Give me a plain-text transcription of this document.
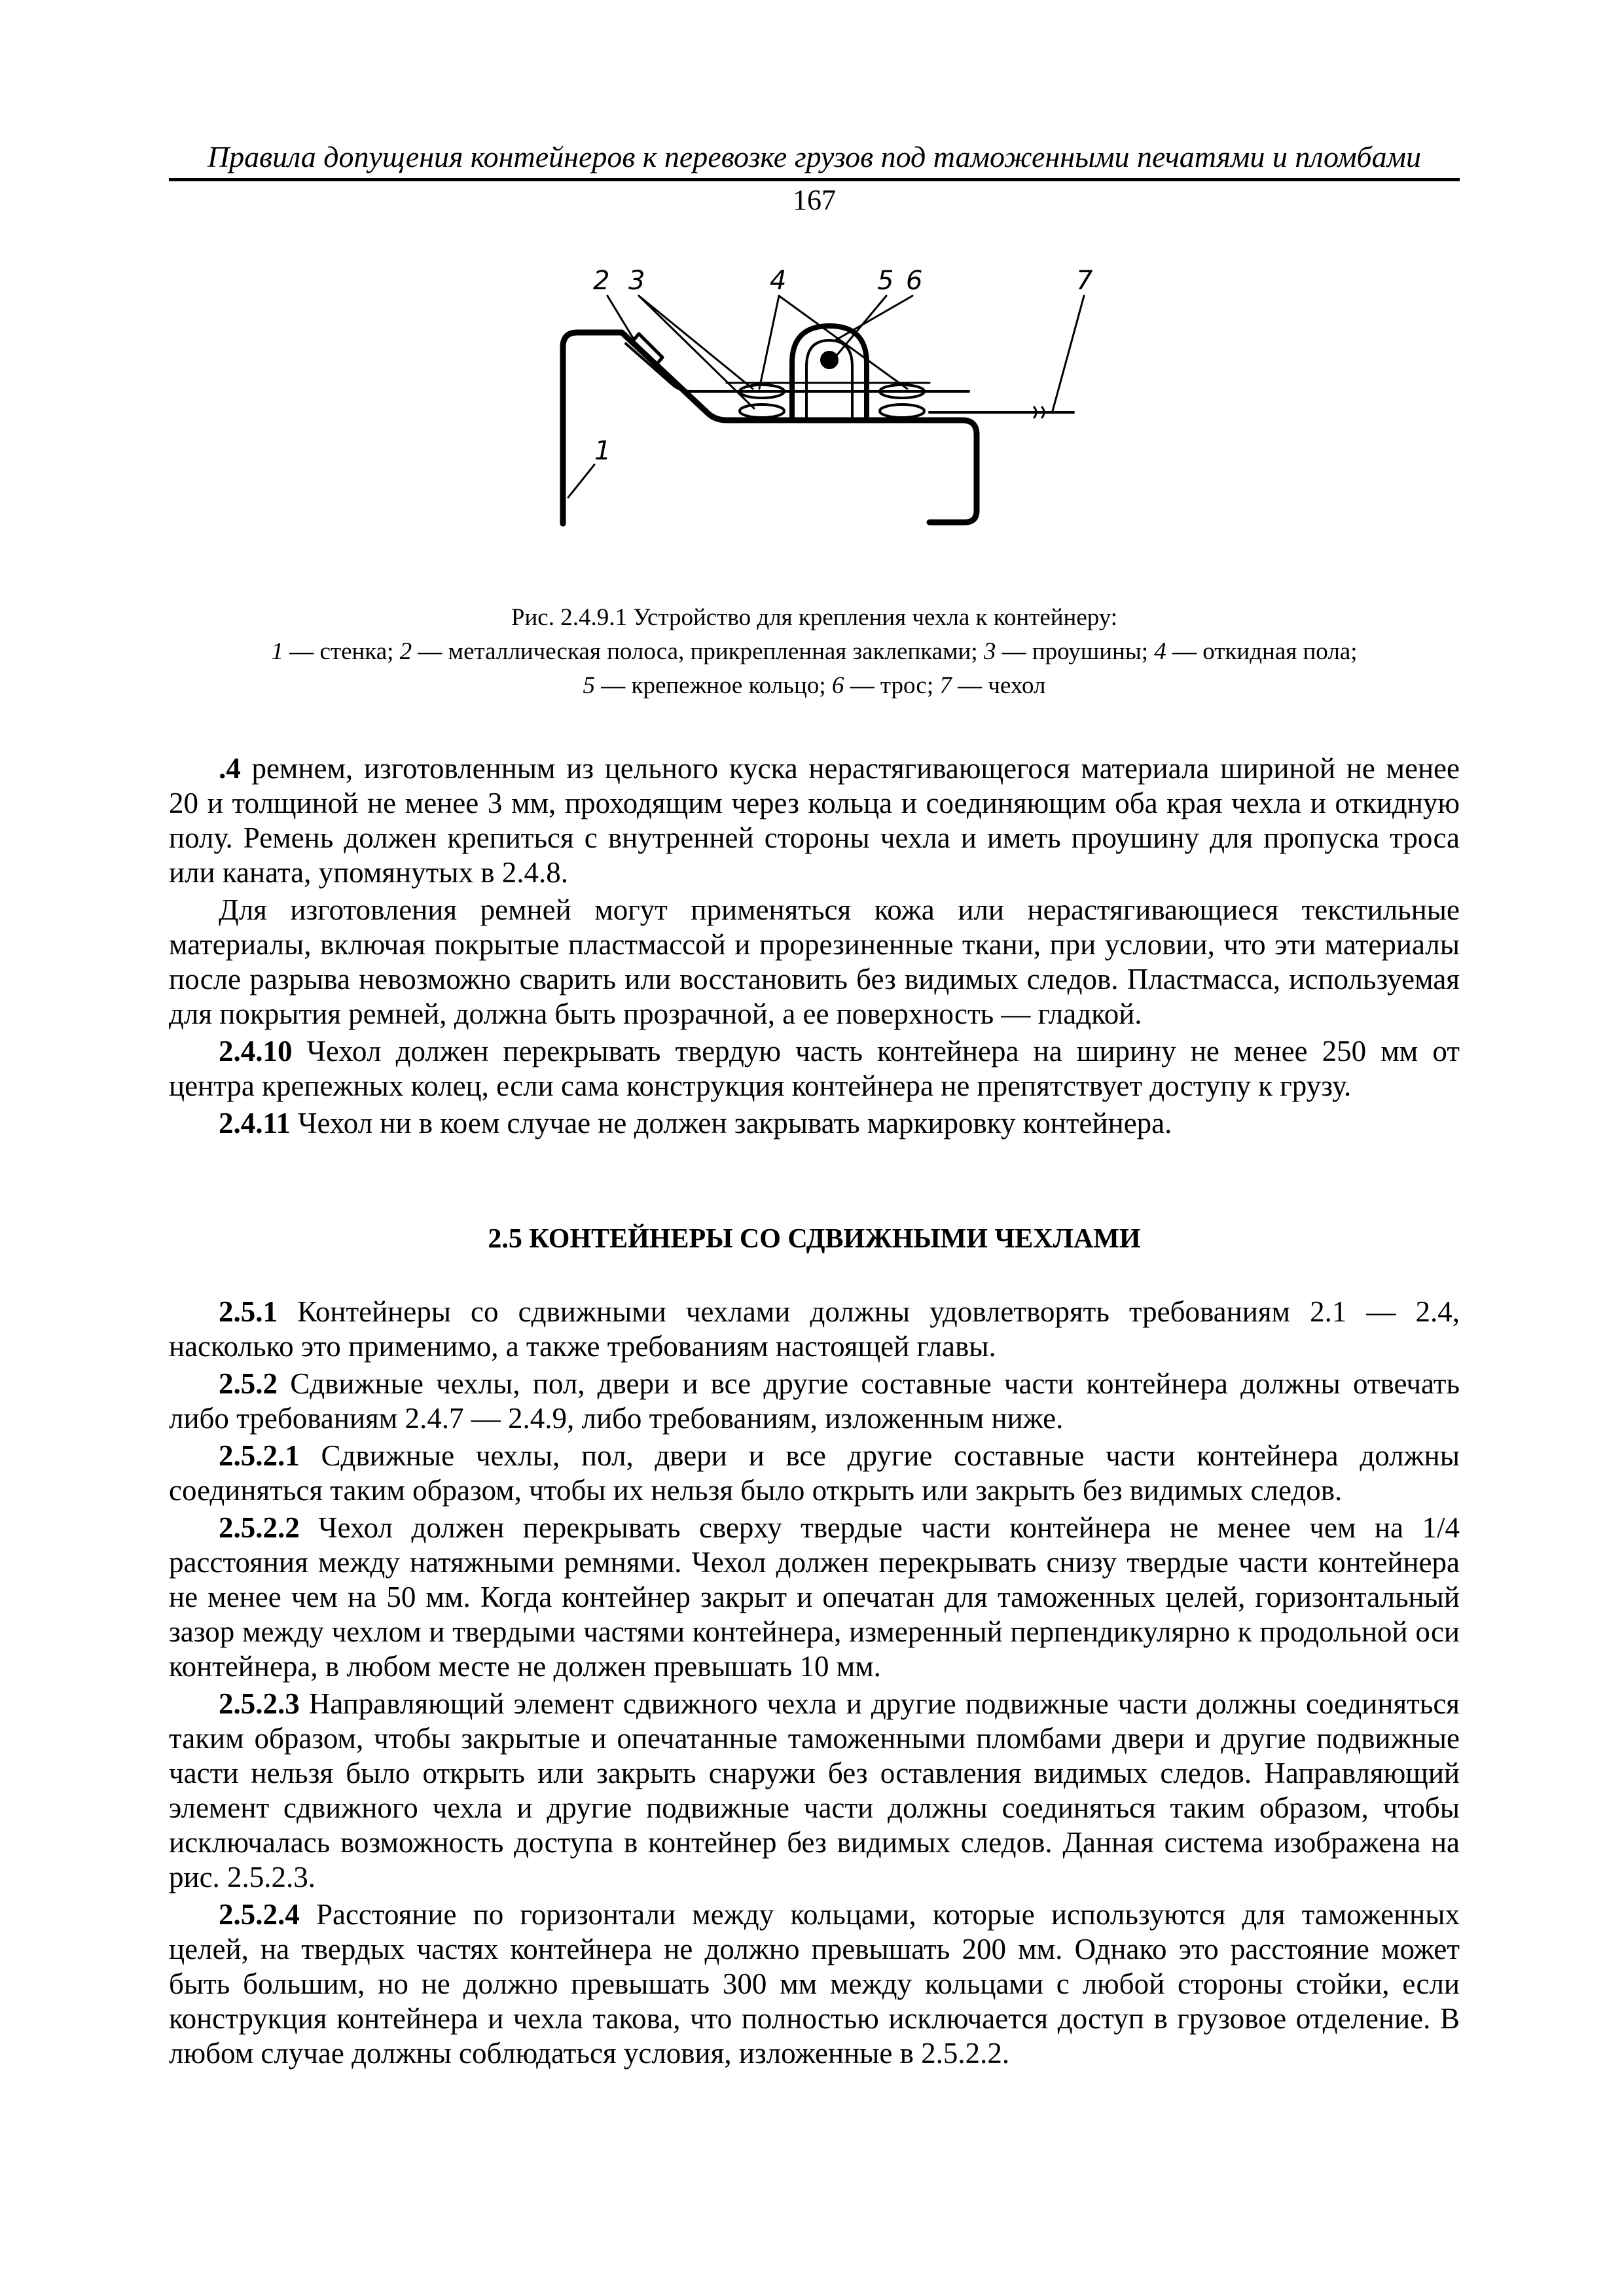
Правила допущения контейнеров к перевозке грузов под таможенными печатями и пломбами
167
2 3	4	5 6	7
1
Рис. 2.4.9.1 Устройство для крепления чехла к контейнеру:
1 — стенка; 2 — металлическая полоса, прикрепленная заклепками; 3 — проушины; 4 — откидная пола;
5 — крепежное кольцо; 6 — трос; 7 — чехол

.4 ремнем, изготовленным из цельного куска нерастягивающегося материала шириной не менее 20 и толщиной не менее 3 мм, проходящим через кольца и соединяющим оба края чехла и откидную полу. Ремень должен крепиться с внутренней стороны чехла и иметь проушину для пропуска троса или каната, упомянутых в 2.4.8.

Для изготовления ремней могут применяться кожа или нерастягивающиеся текстильные материалы, включая покрытые пластмассой и прорезиненные ткани, при условии, что эти материалы после разрыва невозможно сварить или восстановить без видимых следов. Пластмасса, используемая для покрытия ремней, должна быть прозрачной, а ее поверхность — гладкой.

2.4.10 Чехол должен перекрывать твердую часть контейнера на ширину не менее 250 мм от центра крепежных колец, если сама конструкция контейнера не препятствует доступу к грузу.

2.4.11 Чехол ни в коем случае не должен закрывать маркировку контейнера.

2.5 КОНТЕЙНЕРЫ СО СДВИЖНЫМИ ЧЕХЛАМИ

2.5.1 Контейнеры со сдвижными чехлами должны удовлетворять требованиям 2.1 — 2.4, насколько это применимо, а также требованиям настоящей главы.

2.5.2 Сдвижные чехлы, пол, двери и все другие составные части контейнера должны отвечать либо требованиям 2.4.7 — 2.4.9, либо требованиям, изложенным ниже.

2.5.2.1 Сдвижные чехлы, пол, двери и все другие составные части контейнера должны соединяться таким образом, чтобы их нельзя было открыть или закрыть без видимых следов.

2.5.2.2 Чехол должен перекрывать сверху твердые части контейнера не менее чем на 1/4 расстояния между натяжными ремнями. Чехол должен перекрывать снизу твердые части контейнера не менее чем на 50 мм. Когда контейнер закрыт и опечатан для таможенных целей, горизонтальный зазор между чехлом и твердыми частями контейнера, измеренный перпендикулярно к продольной оси контейнера, в любом месте не должен превышать 10 мм.

2.5.2.3 Направляющий элемент сдвижного чехла и другие подвижные части должны соединяться таким образом, чтобы закрытые и опечатанные таможенными пломбами двери и другие подвижные части нельзя было открыть или закрыть снаружи без оставления видимых следов. Направляющий элемент сдвижного чехла и другие подвижные части должны соединяться таким образом, чтобы исключалась возможность доступа в контейнер без видимых следов. Данная система изображена на рис. 2.5.2.3.

2.5.2.4 Расстояние по горизонтали между кольцами, которые используются для таможенных целей, на твердых частях контейнера не должно превышать 200 мм. Однако это расстояние может быть большим, но не должно превышать 300 мм между кольцами с любой стороны стойки, если конструкция контейнера и чехла такова, что полностью исключается доступ в грузовое отделение. В любом случае должны соблюдаться условия, изложенные в 2.5.2.2.
